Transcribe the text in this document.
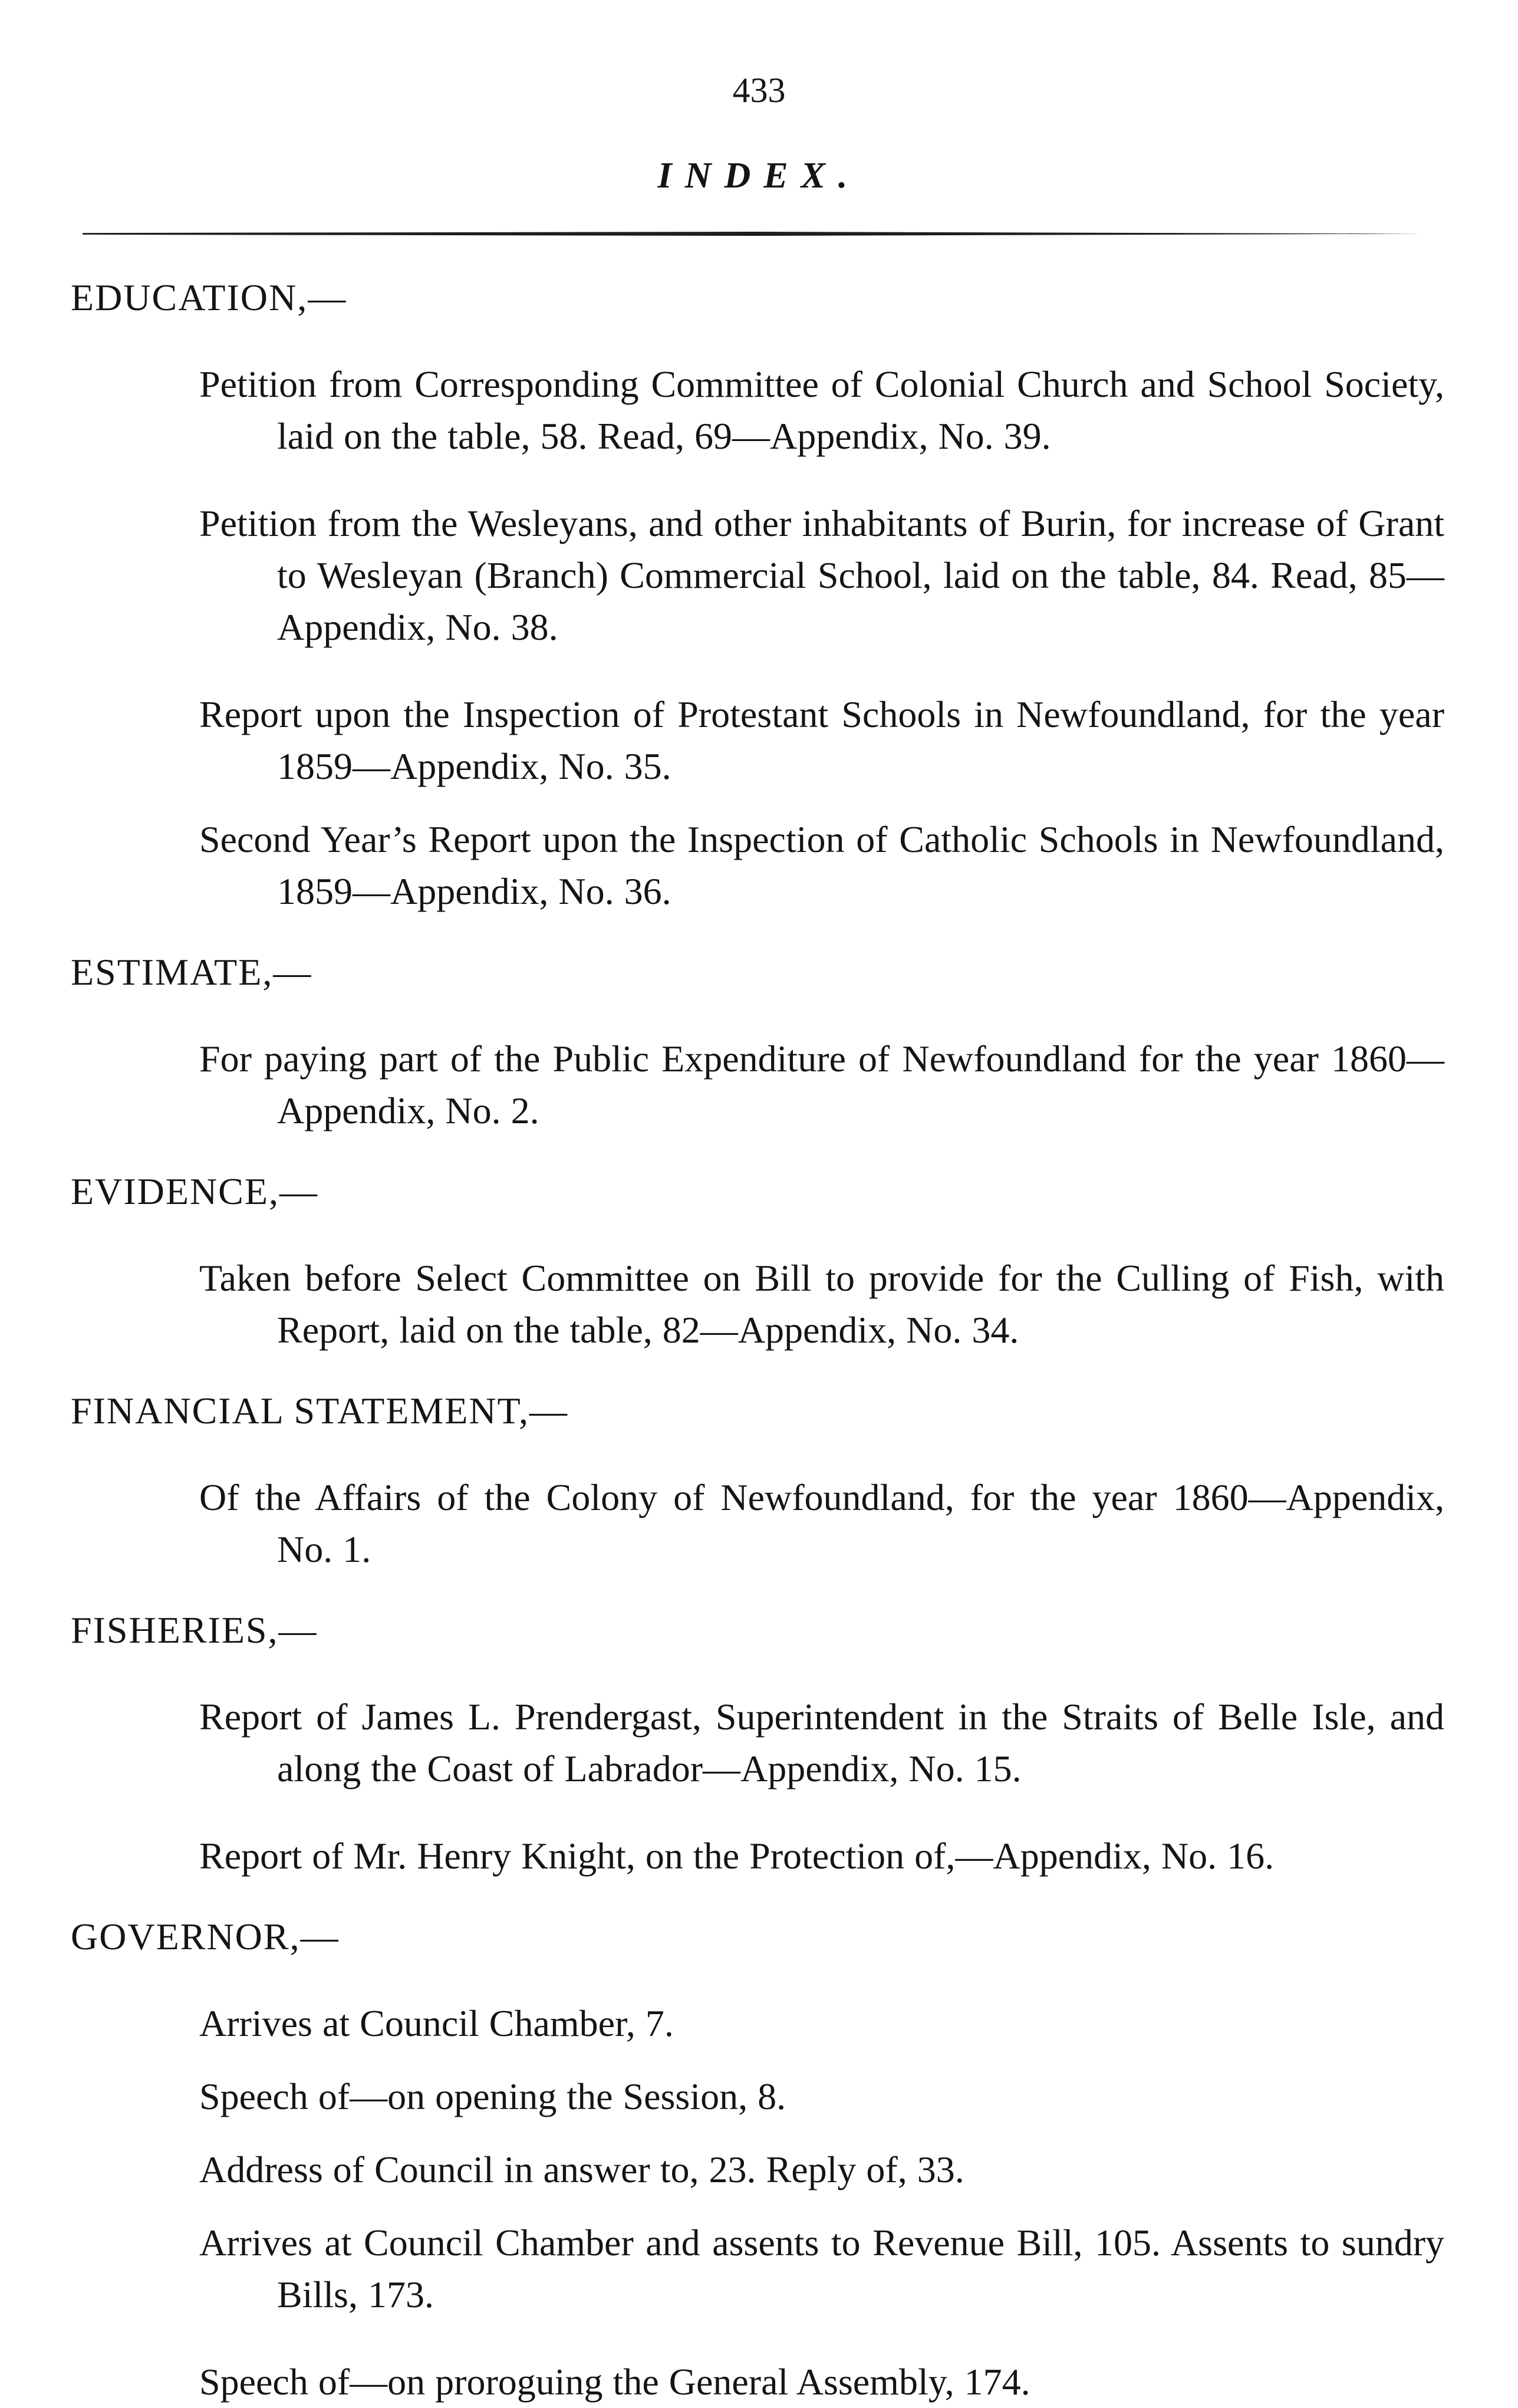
433
INDEX.

EDUCATION,—

Petition from Corresponding Committee of Colonial Church and School Society, laid on the table, 58. Read, 69—Appendix, No. 39.

Petition from the Wesleyans, and other inhabitants of Burin, for increase of Grant to Wesleyan (Branch) Commercial School, laid on the table, 84. Read, 85—Appendix, No. 38.

Report upon the Inspection of Protestant Schools in Newfoundland, for the year 1859—Appendix, No. 35.

Second Year’s Report upon the Inspection of Catholic Schools in Newfoundland, 1859—Appendix, No. 36.

ESTIMATE,—

For paying part of the Public Expenditure of Newfoundland for the year 1860—Appendix, No. 2.

EVIDENCE,—

Taken before Select Committee on Bill to provide for the Culling of Fish, with Report, laid on the table, 82—Appendix, No. 34.

FINANCIAL STATEMENT,—

Of the Affairs of the Colony of Newfoundland, for the year 1860—Appendix, No. 1.

FISHERIES,—

Report of James L. Prendergast, Superintendent in the Straits of Belle Isle, and along the Coast of Labrador—Appendix, No. 15.

Report of Mr. Henry Knight, on the Protection of,—Appendix, No. 16.

GOVERNOR,—

Arrives at Council Chamber, 7.

Speech of—on opening the Session, 8.

Address of Council in answer to, 23. Reply of, 33.

Arrives at Council Chamber and assents to Revenue Bill, 105. Assents to sundry Bills, 173.

Speech of—on proroguing the General Assembly, 174.
